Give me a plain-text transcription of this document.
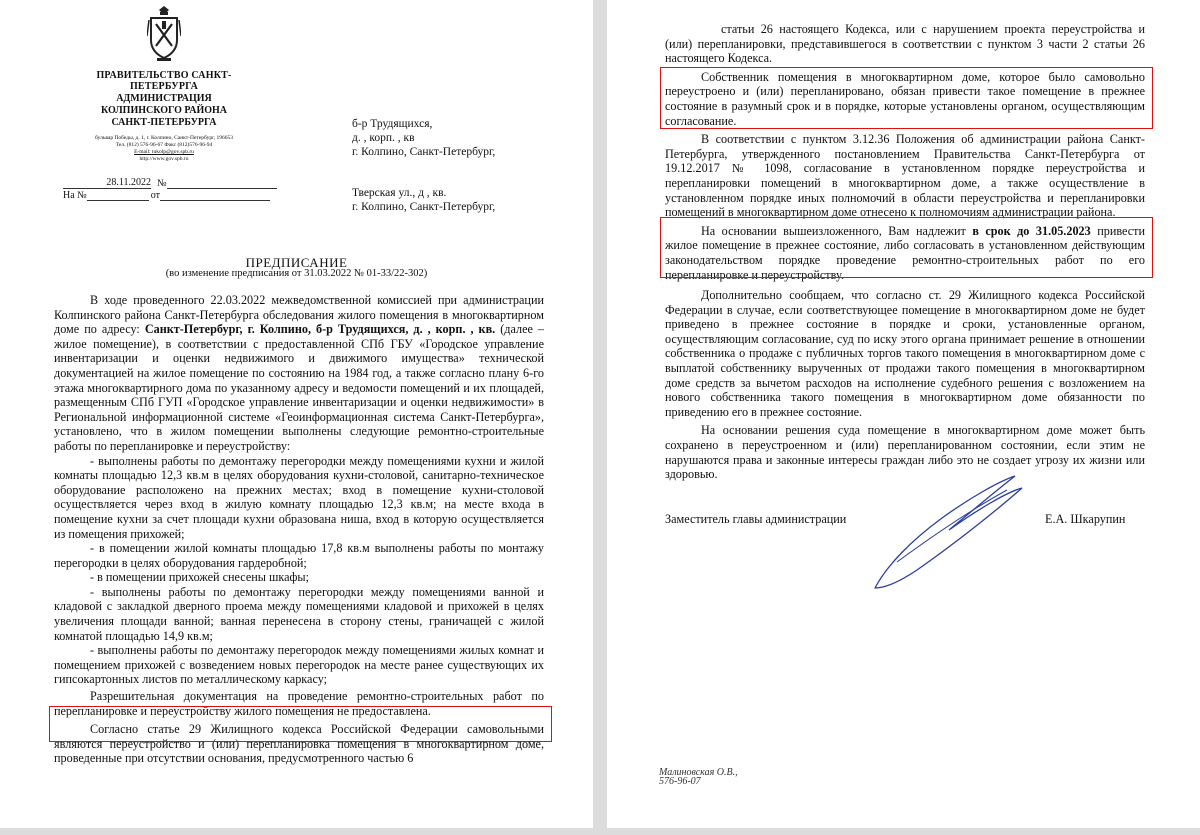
ПРАВИТЕЛЬСТВО САНКТ-ПЕТЕРБУРГА
АДМИНИСТРАЦИЯ
КОЛПИНСКОГО РАЙОНА
САНКТ-ПЕТЕРБУРГА
бульвар Победы, д. 1, г. Колпино, Санкт-Петербург, 196653
Тел. (812) 576-96-67 Факс (812)576-96-94
E-mail: tukolp@gov.spb.ru
http://www.gov.spb.ru
28.11.2022 №
На №	от
б-р Трудящихся,
д. , корп. , кв
г. Колпино, Санкт-Петербург,
Тверская ул., д , кв.
г. Колпино, Санкт-Петербург,
ПРЕДПИСАНИЕ
(во изменение предписания от 31.03.2022 № 01-33/22-302)

В ходе проведенного 22.03.2022 межведомственной комиссией при администрации Колпинского района Санкт-Петербурга обследования жилого помещения в многоквартирном доме по адресу: Санкт-Петербург, г. Колпино, б-р Трудящихся, д. , корп. , кв. (далее – жилое помещение), в соответствии с предоставленной СПб ГБУ «Городское управление инвентаризации и оценки недвижимого и движимого имущества» технической документацией на жилое помещение по состоянию на 1984 год, а также согласно плану 6-го этажа многоквартирного дома по указанному адресу и ведомости помещений и их площадей, размещенным СПб ГУП «Городское управление инвентаризации и оценки недвижимости» в Региональной информационной системе «Геоинформационная система Санкт-Петербурга», установлено, что в жилом помещении выполнены следующие ремонтно-строительные работы по перепланировке и переустройству:

- выполнены работы по демонтажу перегородки между помещениями кухни и жилой комнаты площадью 12,3 кв.м в целях оборудования кухни-столовой, санитарно-техническое оборудование расположено на прежних местах; вход в помещение кухни-столовой осуществляется через вход в жилую комнату площадью 12,3 кв.м; на месте входа в помещение кухни за счет площади кухни образована ниша, вход в которую осуществляется из помещения прихожей;

- в помещении жилой комнаты площадью 17,8 кв.м выполнены работы по монтажу перегородки в целях оборудования гардеробной;

- в помещении прихожей снесены шкафы;

- выполнены работы по демонтажу перегородки между помещениями ванной и кладовой с закладкой дверного проема между помещениями кладовой и прихожей в целях увеличения площади ванной; ванная перенесена в сторону стены, граничащей с жилой комнатой площадью 14,9 кв.м;

- выполнены работы по демонтажу перегородок между помещениями жилых комнат и помещением прихожей с возведением новых перегородок на месте ранее существующих их гипсокартонных листов по металлическому каркасу;

Разрешительная документация на проведение ремонтно-строительных работ по перепланировке и переустройству жилого помещения не предоставлена.

Согласно статье 29 Жилищного кодекса Российской Федерации самовольными являются переустройство и (или) перепланировка помещения в многоквартирном доме, проведенные при отсутствии основания, предусмотренного частью 6

статьи 26 настоящего Кодекса, или с нарушением проекта переустройства и (или) перепланировки, представившегося в соответствии с пунктом 3 части 2 статьи 26 настоящего Кодекса.

Собственник помещения в многоквартирном доме, которое было самовольно переустроено и (или) перепланировано, обязан привести такое помещение в прежнее состояние в разумный срок и в порядке, которые установлены органом, осуществляющим согласование.

В соответствии с пунктом 3.12.36 Положения об администрации района Санкт-Петербурга, утвержденного постановлением Правительства Санкт-Петербурга от 19.12.2017 № 1098, согласование в установленном порядке переустройства и перепланировки помещений в многоквартирном доме, а также осуществление в установленном порядке иных полномочий в области переустройства и перепланировки помещений в многоквартирном доме отнесено к полномочиям администрации района.

На основании вышеизложенного, Вам надлежит в срок до 31.05.2023 привести жилое помещение в прежнее состояние, либо согласовать в установленном действующим законодательством порядке проведение ремонтно-строительных работ по его перепланировке и переустройству.

Дополнительно сообщаем, что согласно ст. 29 Жилищного кодекса Российской Федерации в случае, если соответствующее помещение в многоквартирном доме не будет приведено в прежнее состояние в порядке и сроки, установленные органом, осуществляющим согласование, суд по иску этого органа принимает решение в отношении собственника о продаже с публичных торгов такого помещения в многоквартирном доме с выплатой собственнику вырученных от продажи такого помещения в многоквартирном доме средств за вычетом расходов на исполнение судебного решения с возложением на нового собственника такого помещения в многоквартирном доме обязанности по приведению его в прежнее состояние.

На основании решения суда помещение в многоквартирном доме может быть сохранено в переустроенном и (или) перепланированном состоянии, если этим не нарушаются права и законные интересы граждан либо это не создает угрозу их жизни или здоровью.

Заместитель главы администрации	Е.А. Шкарупин
Малиновская О.В.,
576-96-07
